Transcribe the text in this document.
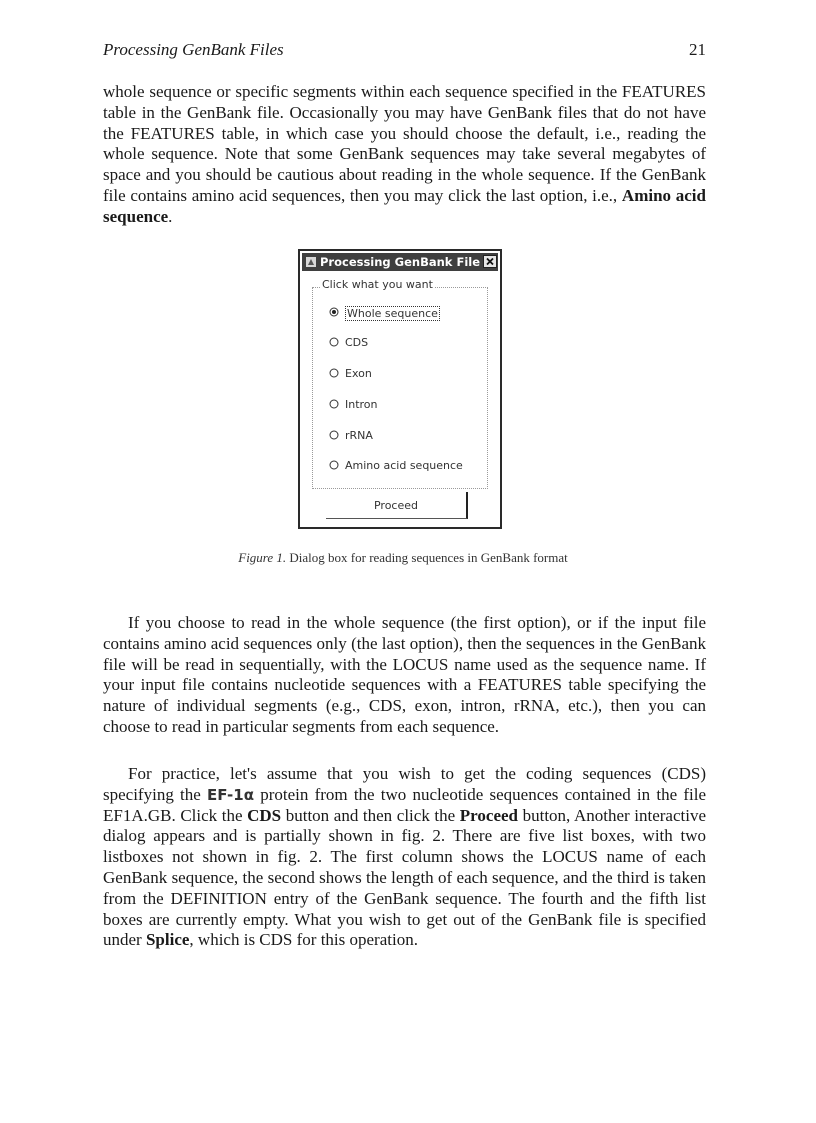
Processing GenBank Files	21

whole sequence or specific segments within each sequence specified in the FEATURES table in the GenBank file. Occasionally you may have GenBank files that do not have the FEATURES table, in which case you should choose the default, i.e., reading the whole sequence. Note that some GenBank sequences may take several megabytes of space and you should be cautious about reading in the whole sequence. If the GenBank file contains amino acid sequences, then you may click the last option, i.e., Amino acid sequence.

Processing GenBank File
Click what you want
Whole sequence
CDS
Exon
Intron
rRNA
Amino acid sequence
Proceed
Figure 1. Dialog box for reading sequences in GenBank format

If you choose to read in the whole sequence (the first option), or if the input file contains amino acid sequences only (the last option), then the sequences in the GenBank file will be read in sequentially, with the LOCUS name used as the sequence name. If your input file contains nucleotide sequences with a FEATURES table specifying the nature of individual segments (e.g., CDS, exon, intron, rRNA, etc.), then you can choose to read in particular segments from each sequence.

For practice, let's assume that you wish to get the coding sequences (CDS) specifying the EF-1α protein from the two nucleotide sequences contained in the file EF1A.GB. Click the CDS button and then click the Proceed button, Another interactive dialog appears and is partially shown in fig. 2. There are five list boxes, with two listboxes not shown in fig. 2. The first column shows the LOCUS name of each GenBank sequence, the second shows the length of each sequence, and the third is taken from the DEFINITION entry of the GenBank sequence. The fourth and the fifth list boxes are currently empty. What you wish to get out of the GenBank file is specified under Splice, which is CDS for this operation.
